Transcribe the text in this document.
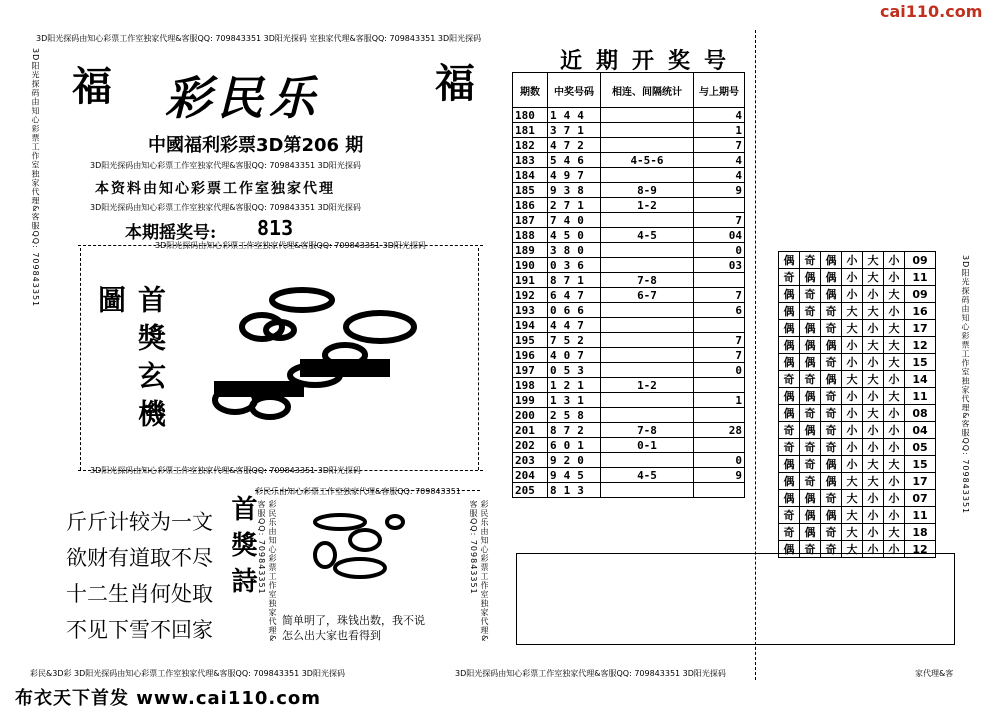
cai110.com
3D阳光探码由知心彩票工作室独家代理&客服QQ: 709843351 3D阳光探码 室独家代理&客服QQ: 709843351 3D阳光探码
3D阳光探码由知心彩票工作室独家代理&客服QQ: 709843351 福	福
彩民乐
中國福利彩票3D第206 期
3D阳光探码由知心彩票工作室独家代理&客服QQ: 709843351 3D阳光探码
本资料由知心彩票工作室独家代理
3D阳光探码由知心彩票工作室独家代理&客服QQ: 709843351 3D阳光探码
本期摇奖号: 813
3D阳光探码由知心彩票工作室独家代理&客服QQ: 709843351 3D阳光探码
首獎玄機圖
3D阳光探码由知心彩票工作室独家代理&客服QQ: 709843351 3D阳光探码
斤斤计较为一文
欲财有道取不尽
十二生肖何处取
不见下雪不回家
彩民乐由知心彩票工作室独家代理&客服QQ: 709843351
彩民乐由知心彩票工作室独家代理&客服QQ: 709843351	彩民乐由知心彩票工作室独家代理&客服QQ: 709843351
首獎詩
简单明了，珠钱出数，我不说
怎么出大家也看得到
彩民&3D彩 3D阳光探码由知心彩票工作室独家代理&客服QQ: 709843351 3D阳光探码	3D阳光探码由知心彩票工作室独家代理&客服QQ: 709843351 3D阳光探码	家代理&客
布衣天下首发 www.cai110.com
3D阳光探码由知心彩票工作室独家代理&客服QQ: 709843351
近期开奖号
期数	中奖号码	相连、间隔统计	与上期号
180	1 4 4		4
181	3 7 1		1
182	4 7 2		7
183	5 4 6	4-5-6	4
184	4 9 7		4
185	9 3 8	8-9	9
186	2 7 1	1-2	
187	7 4 0		7
188	4 5 0	4-5	04
189	3 8 0		0
190	0 3 6		03
191	8 7 1	7-8	
192	6 4 7	6-7	7
193	0 6 6		6
194	4 4 7		
195	7 5 2		7
196	4 0 7		7
197	0 5 3		0
198	1 2 1	1-2	
199	1 3 1		1
200	2 5 8		
201	8 7 2	7-8	28
202	6 0 1	0-1	
203	9 2 0		0
204	9 4 5	4-5	9
205	8 1 3		
偶	奇	偶	小	大	小	09
奇	偶	偶	小	大	小	11
偶	奇	偶	小	小	大	09
偶	奇	奇	大	大	小	16
偶	偶	奇	大	小	大	17
偶	偶	偶	小	大	大	12
偶	偶	奇	小	小	大	15
奇	奇	偶	大	大	小	14
偶	偶	奇	小	小	大	11
偶	奇	奇	小	大	小	08
奇	偶	奇	小	小	小	04
奇	奇	奇	小	小	小	05
偶	奇	偶	小	大	大	15
偶	奇	偶	大	大	小	17
偶	偶	奇	大	小	小	07
奇	偶	偶	大	小	小	11
奇	偶	奇	大	小	大	18
偶	奇	奇	大	小	小	12
